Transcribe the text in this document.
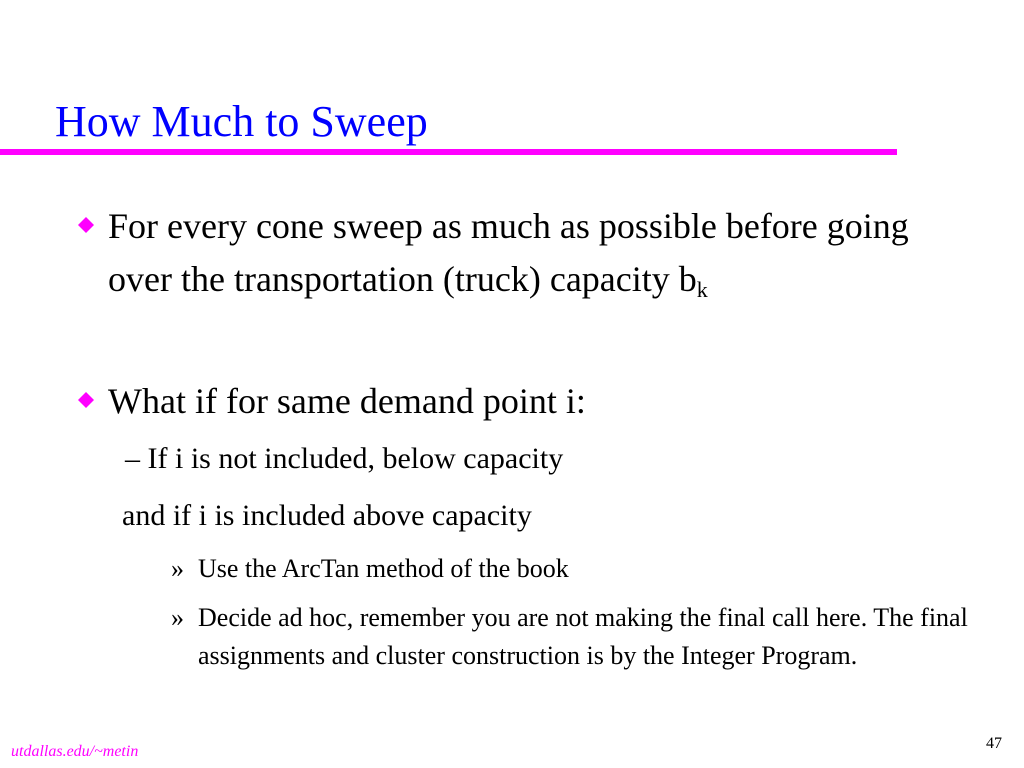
How Much to Sweep
For every cone sweep as much as possible before going over the transportation (truck) capacity $b_k$
What if for same demand point i:
– If i is not included, below capacity
and if i is included above capacity
» Use the ArcTan method of the book
» Decide ad hoc, remember you are not making the final call here. The final assignments and cluster construction is by the Integer Program.
utdallas.edu/~metin	47
